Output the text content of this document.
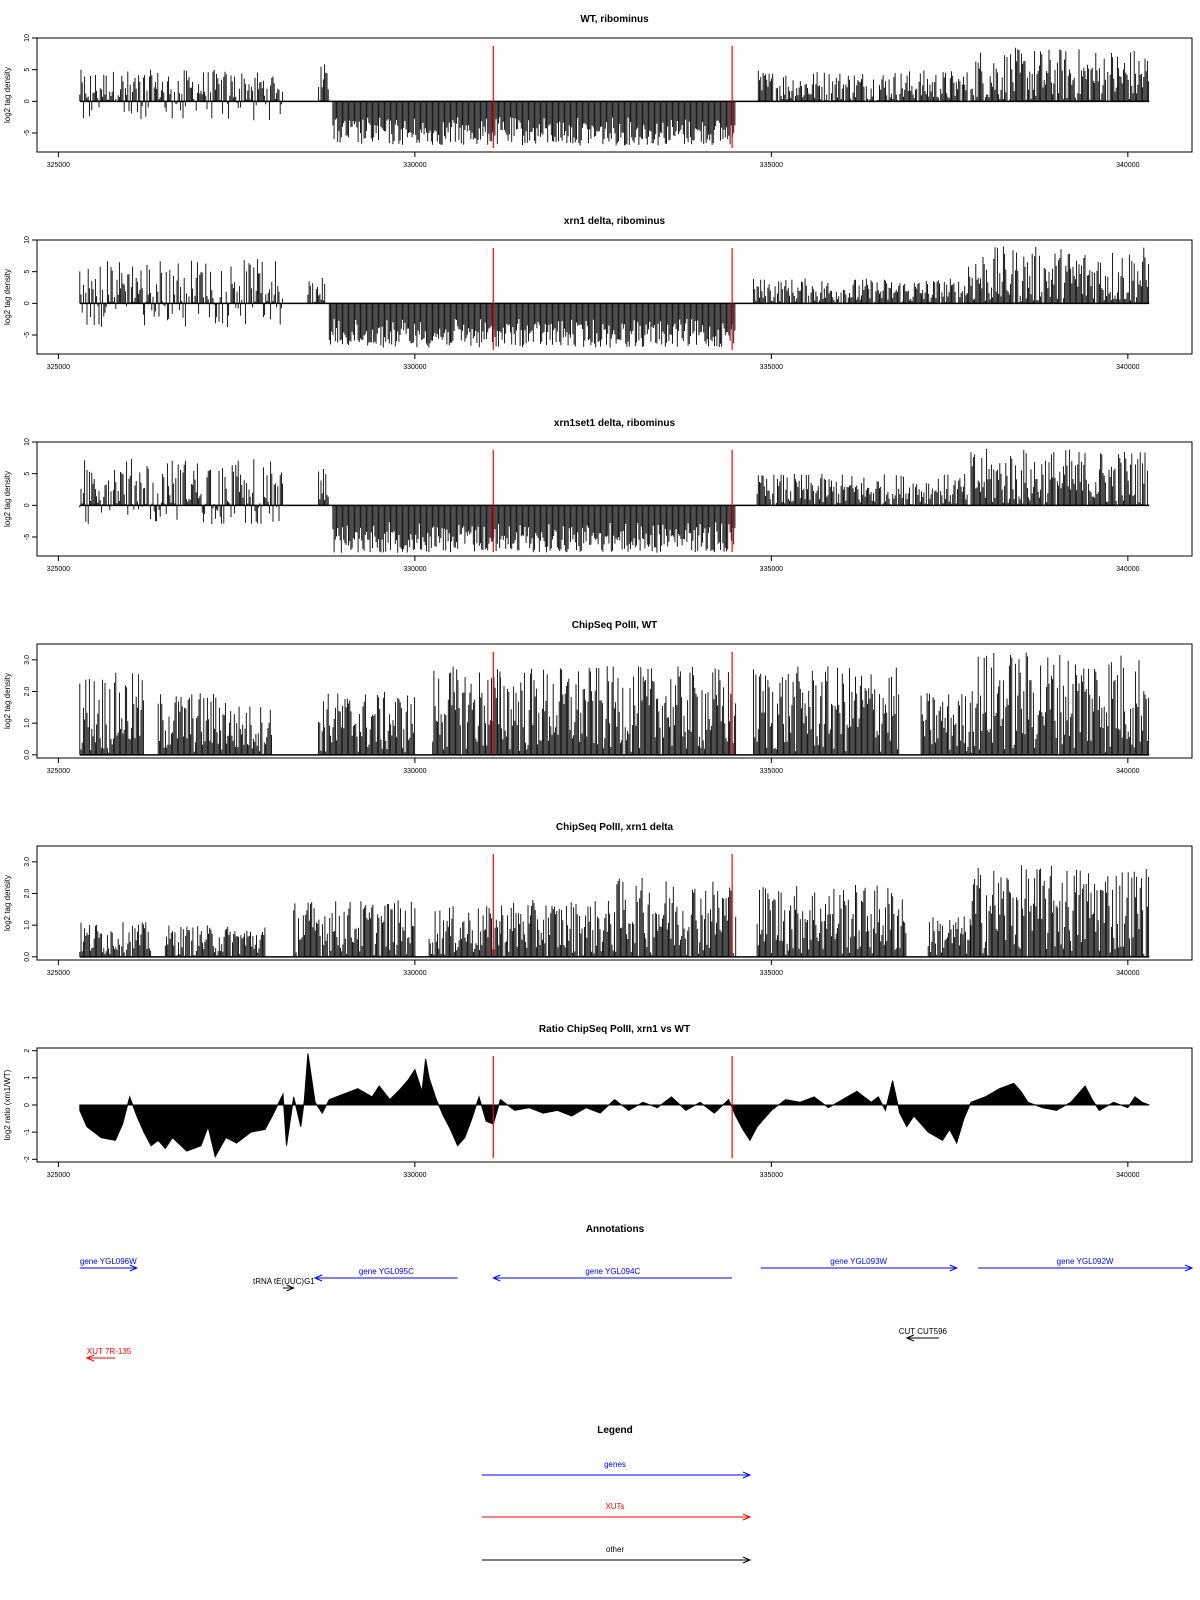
WT, ribominus
log2 tag density
10
5
0
-5
325000	330000	335000	340000
xrn1 delta, ribominus
log2 tag density
10
5
0
-5
325000	330000	335000	340000
xrn1set1 delta, ribominus
log2 tag density
10
5
0
-5
325000	330000	335000	340000
ChipSeq PolII, WT
log2 tag density
3.0
2.0
1.0
0.0
325000	330000	335000	340000
ChipSeq PolII, xrn1 delta
log2 tag density
3.0
2.0
1.0
0.0
325000	330000	335000	340000
Ratio ChipSeq PolII, xrn1 vs WT
log2 ratio (xrn1/WT)
2
1
0
-1
-2
325000	330000	335000	340000
Annotations
gene YGL096W
gene YGL095C
tRNA tE(UUC)G1
gene YGL094C
gene YGL093W	gene YGL092W
CUT CUT596
XUT 7R-135
Legend
genes
XUTs
other
